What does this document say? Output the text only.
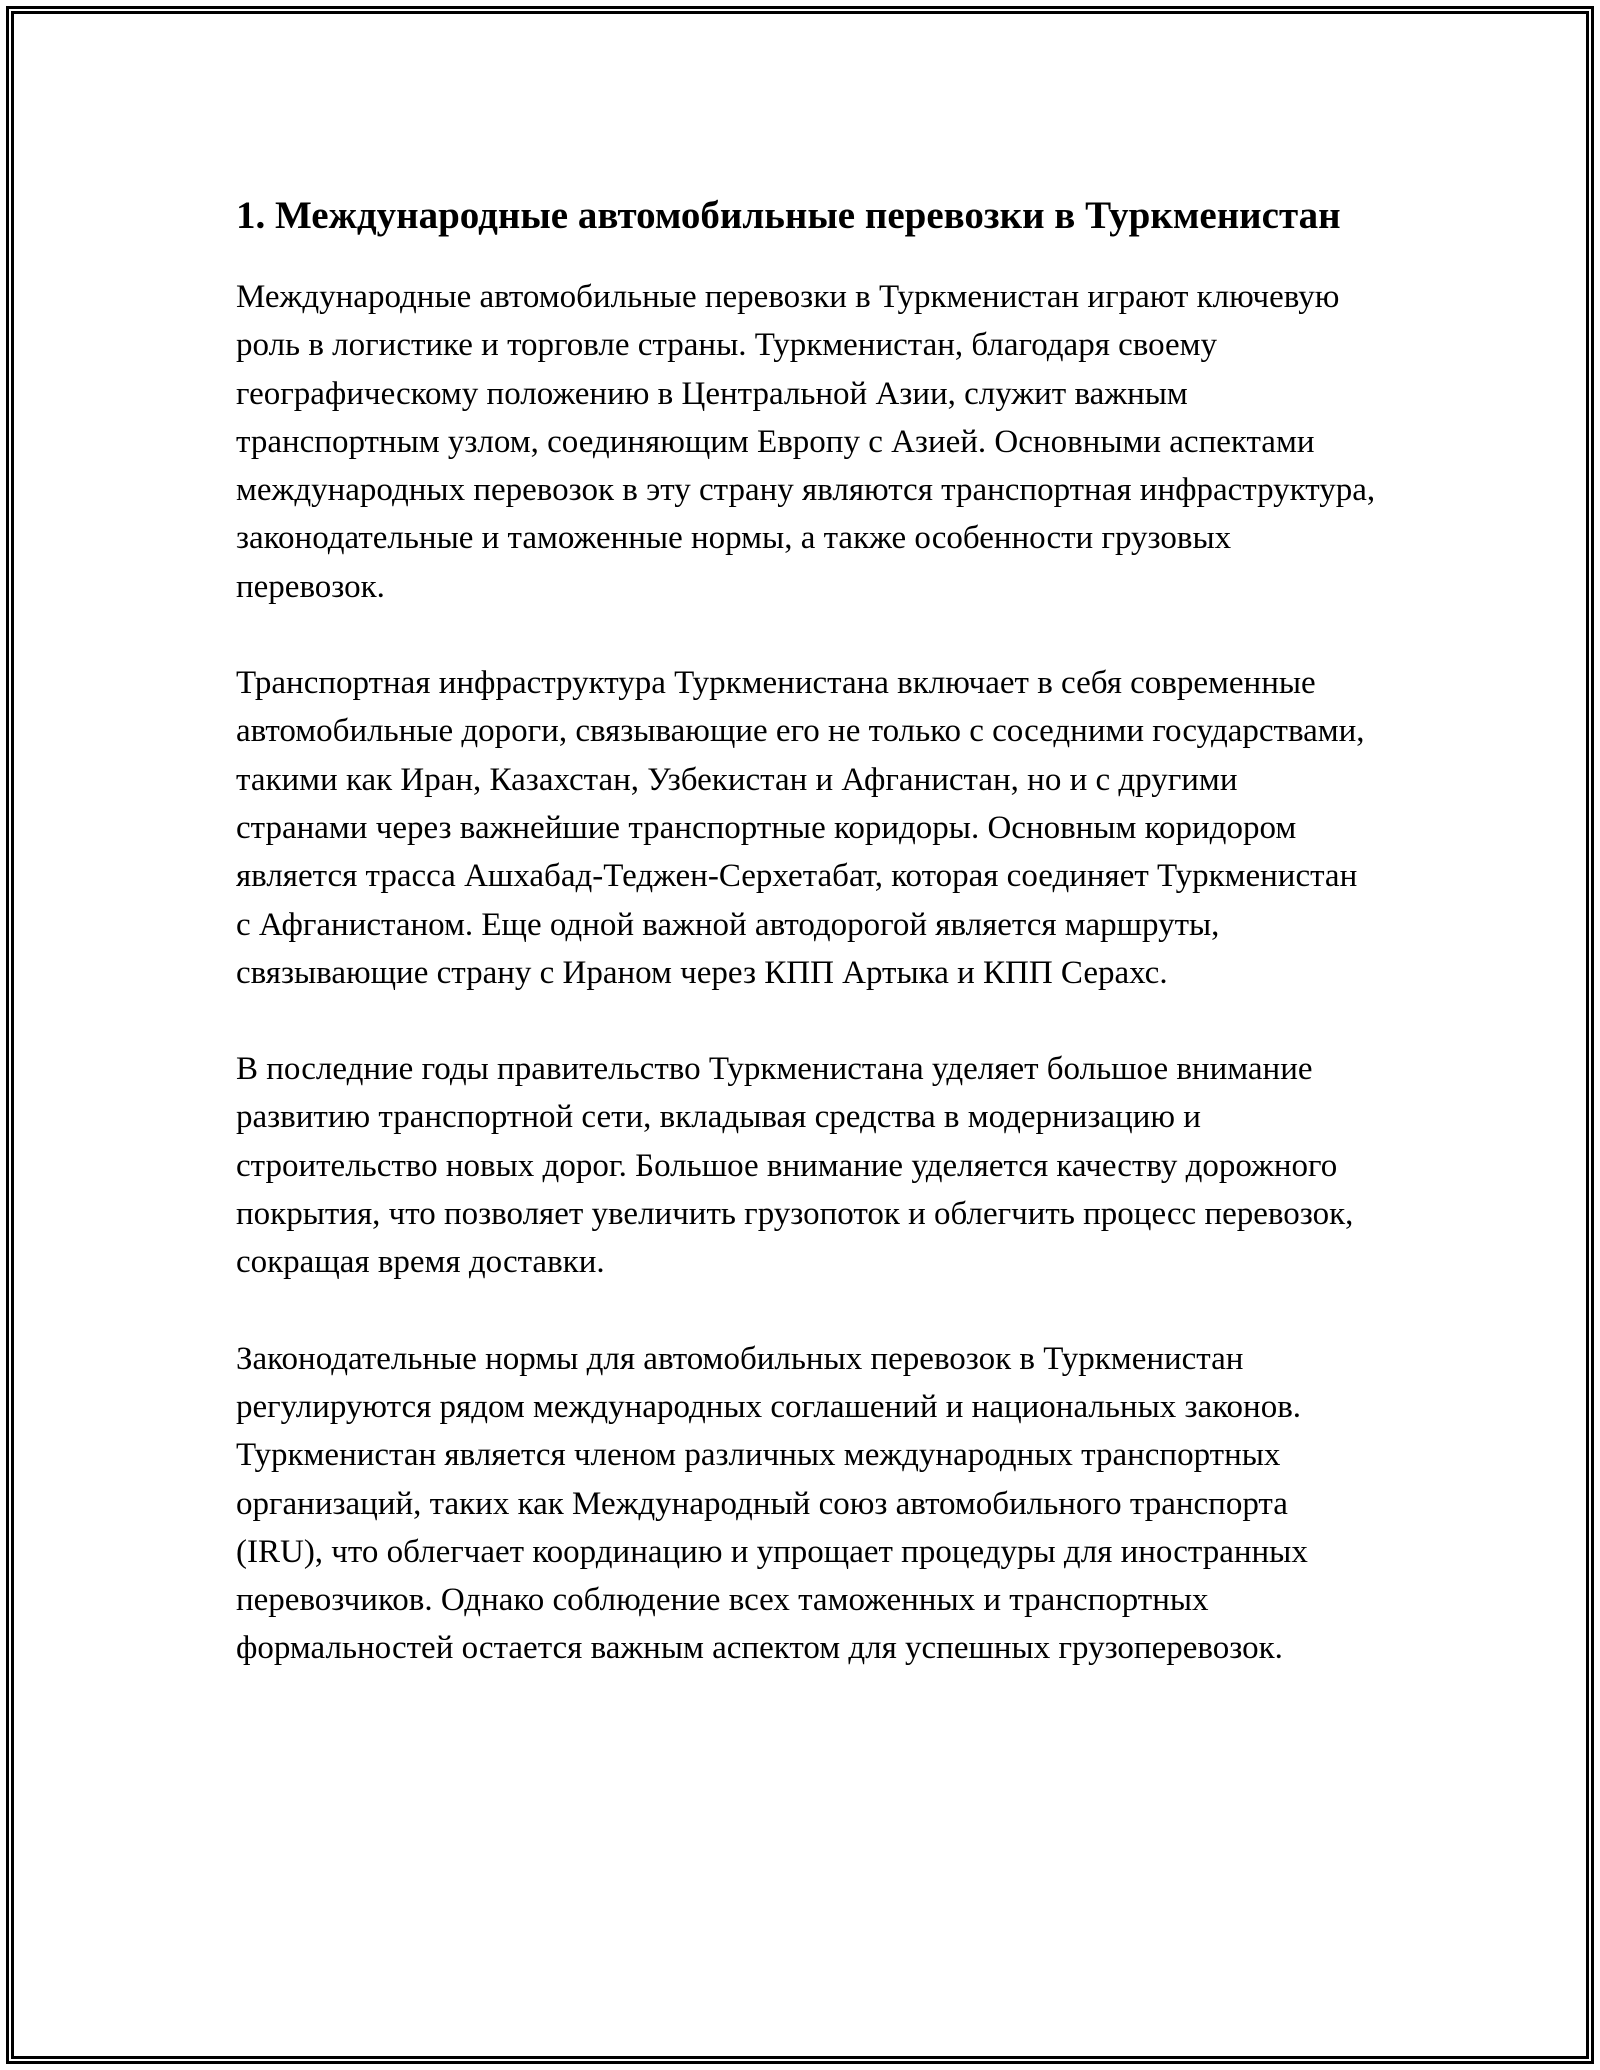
1. Международные автомобильные перевозки в Туркменистан

Международные автомобильные перевозки в Туркменистан играют ключевую роль в логистике и торговле страны. Туркменистан, благодаря своему географическому положению в Центральной Азии, служит важным транспортным узлом, соединяющим Европу с Азией. Основными аспектами международных перевозок в эту страну являются транспортная инфраструктура, законодательные и таможенные нормы, а также особенности грузовых перевозок.

Транспортная инфраструктура Туркменистана включает в себя современные автомобильные дороги, связывающие его не только с соседними государствами, такими как Иран, Казахстан, Узбекистан и Афганистан, но и с другими странами через важнейшие транспортные коридоры. Основным коридором является трасса Ашхабад-Теджен-Серхетабат, которая соединяет Туркменистан с Афганистаном. Еще одной важной автодорогой является маршруты, связывающие страну с Ираном через КПП Артыка и КПП Серахс.

В последние годы правительство Туркменистана уделяет большое внимание развитию транспортной сети, вкладывая средства в модернизацию и строительство новых дорог. Большое внимание уделяется качеству дорожного покрытия, что позволяет увеличить грузопоток и облегчить процесс перевозок, сокращая время доставки.

Законодательные нормы для автомобильных перевозок в Туркменистан регулируются рядом международных соглашений и национальных законов. Туркменистан является членом различных международных транспортных организаций, таких как Международный союз автомобильного транспорта (IRU), что облегчает координацию и упрощает процедуры для иностранных перевозчиков. Однако соблюдение всех таможенных и транспортных формальностей остается важным аспектом для успешных грузоперевозок.
